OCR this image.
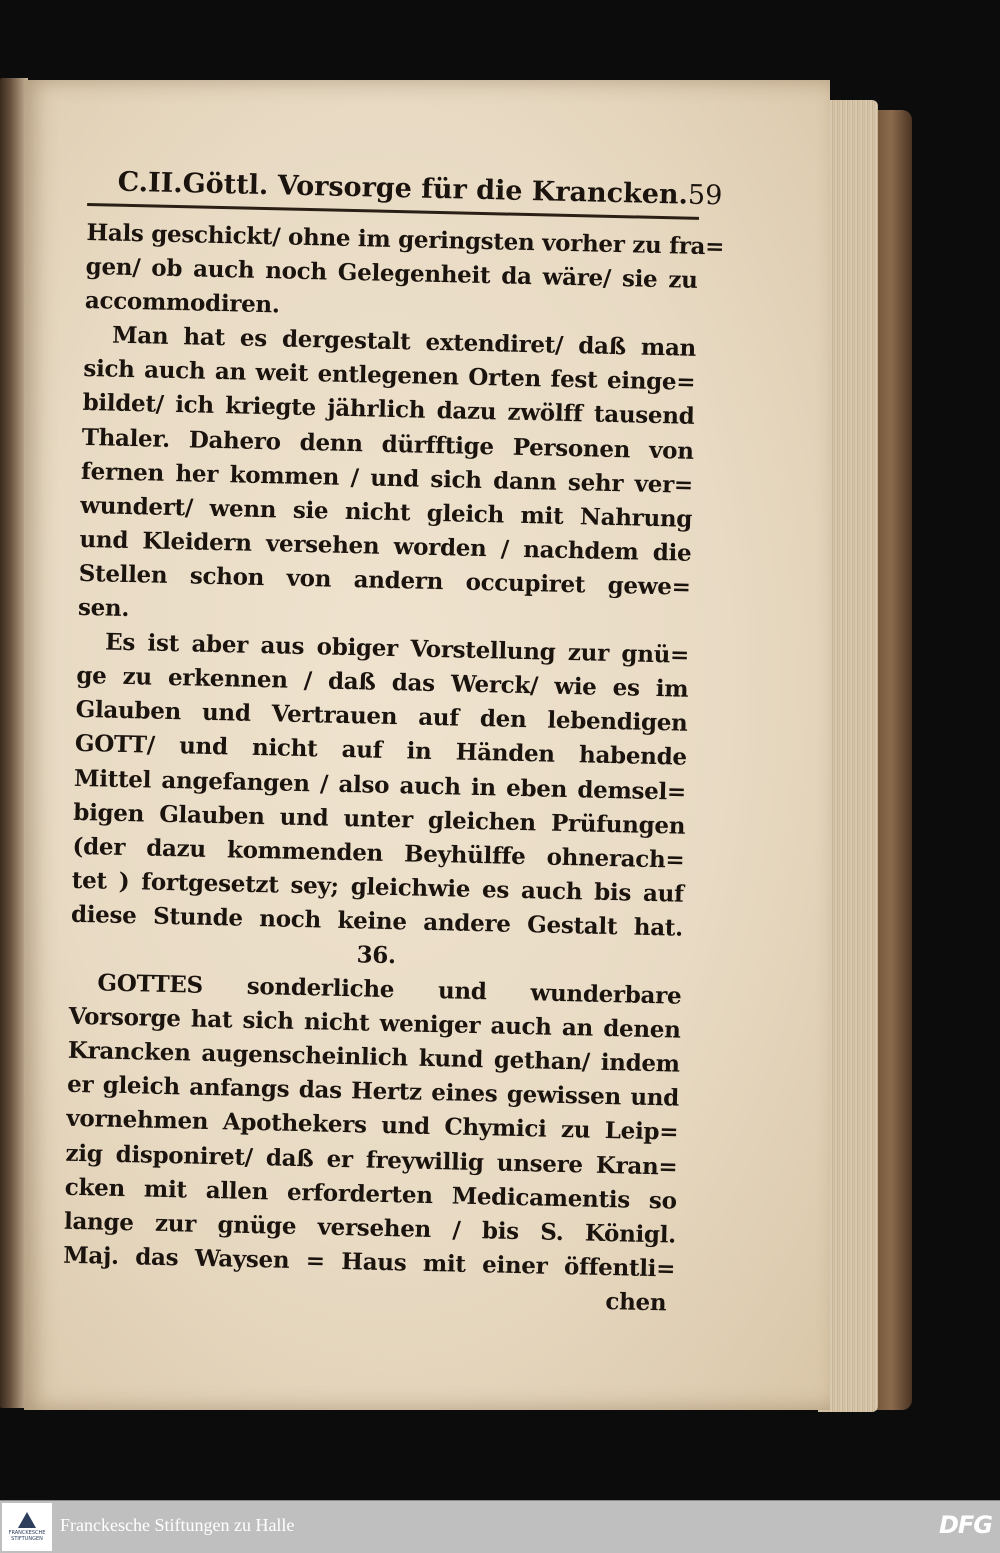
C.II.Göttl. Vorsorge für die Krancken. 59
Hals geschickt/ ohne im geringsten vorher zu fra=
gen/ ob auch noch Gelegenheit da wäre/ sie zu
accommodiren.
Man hat es dergestalt extendiret/ daß man
sich auch an weit entlegenen Orten fest einge=
bildet/ ich kriegte jährlich dazu zwölff tausend
Thaler. Dahero denn dürfftige Personen von
fernen her kommen / und sich dann sehr ver=
wundert/ wenn sie nicht gleich mit Nahrung
und Kleidern versehen worden / nachdem die
Stellen schon von andern occupiret gewe=
sen.
Es ist aber aus obiger Vorstellung zur gnü=
ge zu erkennen / daß das Werck/ wie es im
Glauben und Vertrauen auf den lebendigen
GOTT/ und nicht auf in Händen habende
Mittel angefangen / also auch in eben demsel=
bigen Glauben und unter gleichen Prüfungen
(der dazu kommenden Beyhülffe ohnerach=
tet ) fortgesetzt sey; gleichwie es auch bis auf
diese Stunde noch keine andere Gestalt hat.
36.
GOTTES sonderliche und wunderbare
Vorsorge hat sich nicht weniger auch an denen
Krancken augenscheinlich kund gethan/ indem
er gleich anfangs das Hertz eines gewissen und
vornehmen Apothekers und Chymici zu Leip=
zig disponiret/ daß er freywillig unsere Kran=
cken mit allen erforderten Medicamentis so
lange zur gnüge versehen / bis S. Königl.
Maj. das Waysen = Haus mit einer öffentli=
chen
FRANCKESCHE STIFTUNGEN
Franckesche Stiftungen zu Halle	DFG
